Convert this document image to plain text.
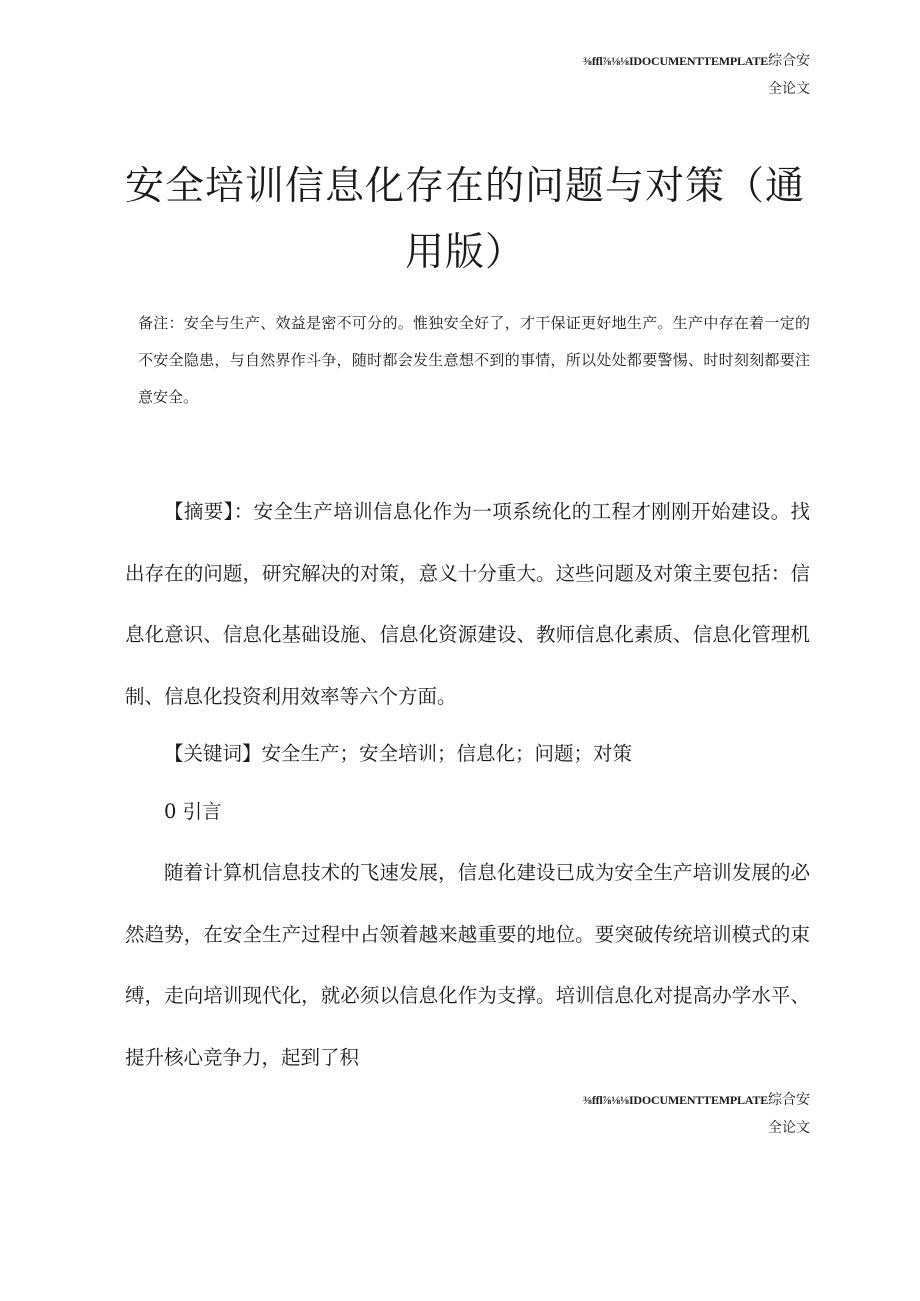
⅜ffl⅞⅛⅛IDOCUMENTTEMPLATE综合安
全论文
安全培训信息化存在的问题与对策（通用版）
备注：安全与生产、效益是密不可分的。惟独安全好了，才干保证更好地生产。生产中存在着一定的不安全隐患，与自然界作斗争，随时都会发生意想不到的事情，所以处处都要警惕、时时刻刻都要注意安全。

【摘要】：安全生产培训信息化作为一项系统化的工程才刚刚开始建设。找出存在的问题，研究解决的对策，意义十分重大。这些问题及对策主要包括：信息化意识、信息化基础设施、信息化资源建设、教师信息化素质、信息化管理机制、信息化投资利用效率等六个方面。

【关键词】安全生产；安全培训；信息化；问题；对策

0 引言

随着计算机信息技术的飞速发展，信息化建设已成为安全生产培训发展的必然趋势，在安全生产过程中占领着越来越重要的地位。要突破传统培训模式的束缚，走向培训现代化，就必须以信息化作为支撑。培训信息化对提高办学水平、提升核心竞争力，起到了积

⅜ffl⅞⅛⅛IDOCUMENTTEMPLATE综合安
全论文
